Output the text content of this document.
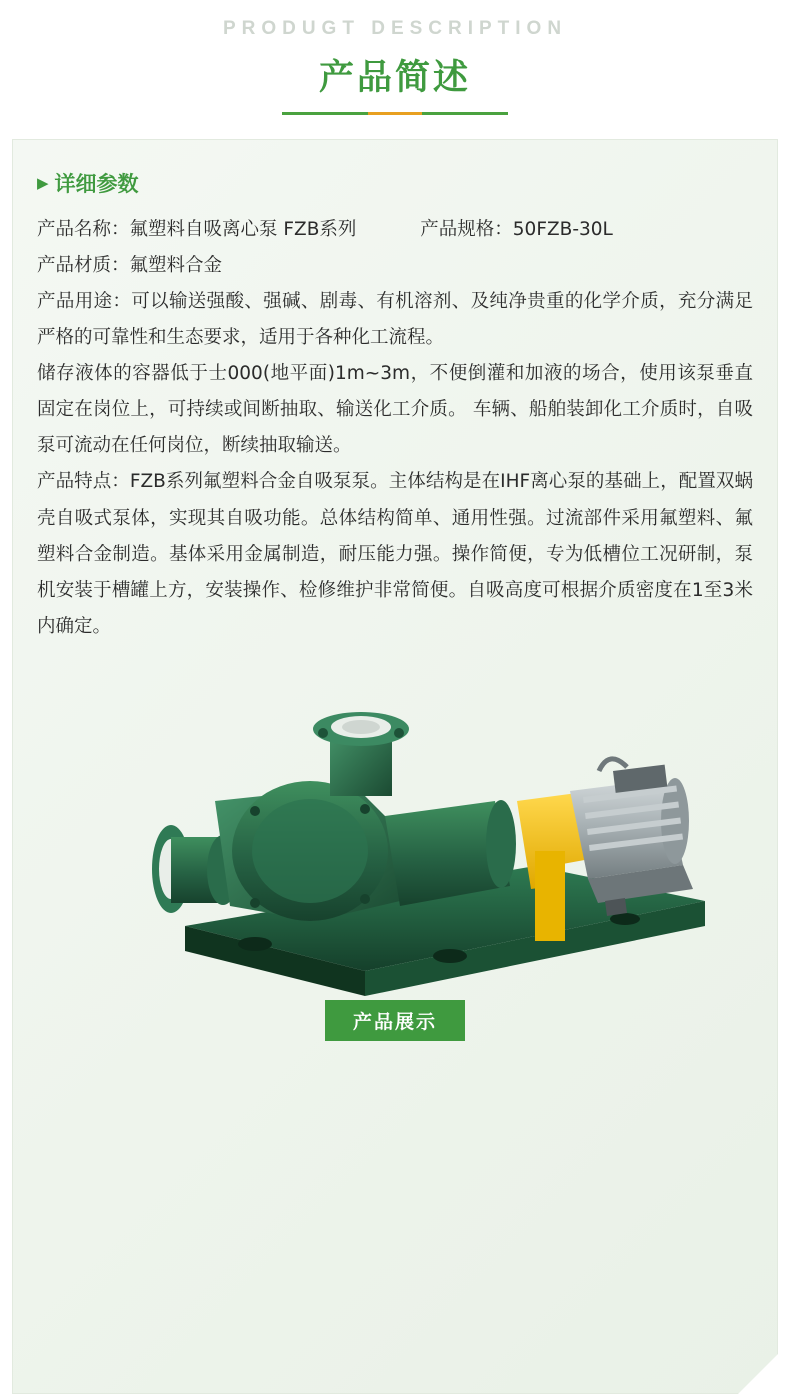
PRODUGT DESCRIPTION
产品简述
▶ 详细参数
产品名称：氟塑料自吸离心泵 FZB系列	产品规格：50FZB-30L
产品材质：氟塑料合金

产品用途：可以输送强酸、强碱、剧毒、有机溶剂、及纯净贵重的化学介质，充分满足严格的可靠性和生态要求，适用于各种化工流程。

储存液体的容器低于士000(地平面)1m~3m，不便倒灌和加液的场合，使用该泵垂直固定在岗位上，可持续或间断抽取、输送化工介质。 车辆、船舶装卸化工介质时，自吸泵可流动在任何岗位，断续抽取输送。

产品特点：FZB系列氟塑料合金自吸泵泵。主体结构是在IHF离心泵的基础上，配置双蜗壳自吸式泵体，实现其自吸功能。总体结构简单、通用性强。过流部件采用氟塑料、氟塑料合金制造。基体采用金属制造，耐压能力强。操作简便，专为低槽位工况研制，泵机安装于槽罐上方，安装操作、检修维护非常简便。自吸高度可根据介质密度在1至3米内确定。

产品展示
